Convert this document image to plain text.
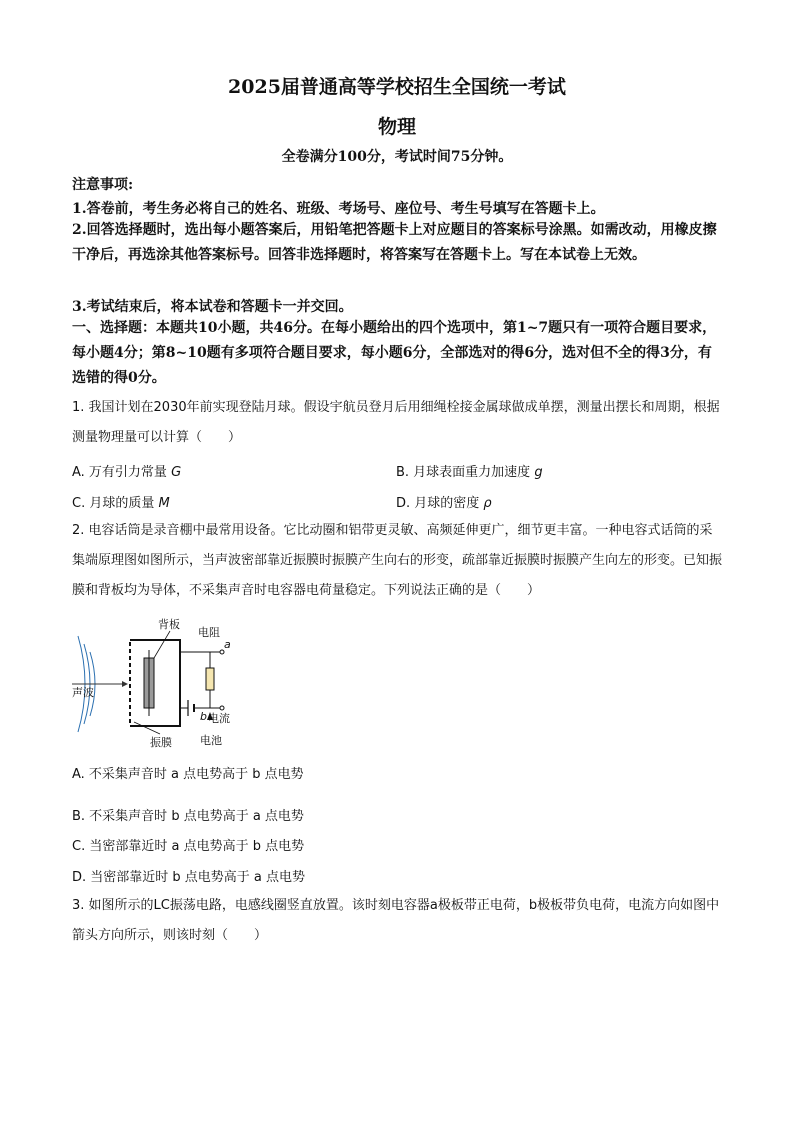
2025届普通高等学校招生全国统一考试
物理
全卷满分100分，考试时间75分钟。
注意事项:
1.答卷前，考生务必将自己的姓名、班级、考场号、座位号、考生号填写在答题卡上。
2.回答选择题时，选出每小题答案后，用铅笔把答题卡上对应题目的答案标号涂黑。如需改动，用橡皮擦干净后，再选涂其他答案标号。回答非选择题时，将答案写在答题卡上。写在本试卷上无效。
3.考试结束后，将本试卷和答题卡一并交回。
一、选择题：本题共10小题，共46分。在每小题给出的四个选项中，第1~7题只有一项符合题目要求，每小题4分；第8~10题有多项符合题目要求，每小题6分，全部选对的得6分，选对但不全的得3分，有选错的得0分。
1. 我国计划在2030年前实现登陆月球。假设宇航员登月后用细绳栓接金属球做成单摆，测量出摆长和周期，根据测量物理量可以计算（　　）
A. 万有引力常量 G	B. 月球表面重力加速度 g
C. 月球的质量 M	D. 月球的密度 ρ
2. 电容话筒是录音棚中最常用设备。它比动圈和铝带更灵敏、高频延伸更广，细节更丰富。一种电容式话筒的采集端原理图如图所示，当声波密部靠近振膜时振膜产生向右的形变，疏部靠近振膜时振膜产生向左的形变。已知振膜和背板均为导体，不采集声音时电容器电荷量稳定。下列说法正确的是（　　）
背板
电阻
a
b 电流
声波
振膜	电池
A. 不采集声音时 a 点电势高于 b 点电势
B. 不采集声音时 b 点电势高于 a 点电势
C. 当密部靠近时 a 点电势高于 b 点电势
D. 当密部靠近时 b 点电势高于 a 点电势
3. 如图所示的LC振荡电路，电感线圈竖直放置。该时刻电容器a极板带正电荷，b极板带负电荷，电流方向如图中箭头方向所示，则该时刻（　　）
